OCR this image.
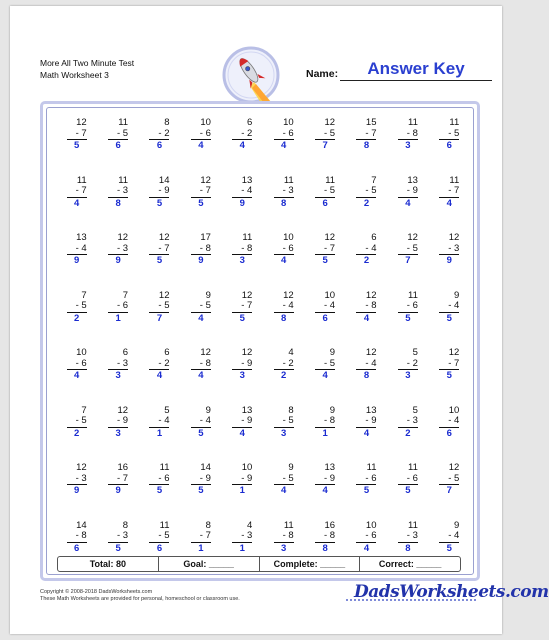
More All Two Minute Test
Math Worksheet 3	Name:	Answer Key
12
- 7
5
11
- 5
6
8
- 2
6
10
- 6
4
6
- 2
4
10
- 6
4
12
- 5
7
15
- 7
8
11
- 8
3
11
- 5
6
11
- 7
4
11
- 3
8
14
- 9
5
12
- 7
5
13
- 4
9
11
- 3
8
11
- 5
6
7
- 5
2
13
- 9
4
11
- 7
4
13
- 4
9
12
- 3
9
12
- 7
5
17
- 8
9
11
- 8
3
10
- 6
4
12
- 7
5
6
- 4
2
12
- 5
7
12
- 3
9
7
- 5
2
7
- 6
1
12
- 5
7
9
- 5
4
12
- 7
5
12
- 4
8
10
- 4
6
12
- 8
4
11
- 6
5
9
- 4
5
10
- 6
4
6
- 3
3
6
- 2
4
12
- 8
4
12
- 9
3
4
- 2
2
9
- 5
4
12
- 4
8
5
- 2
3
12
- 7
5
7
- 5
2
12
- 9
3
5
- 4
1
9
- 4
5
13
- 9
4
8
- 5
3
9
- 8
1
13
- 9
4
5
- 3
2
10
- 4
6
12
- 3
9
16
- 7
9
11
- 6
5
14
- 9
5
10
- 9
1
9
- 5
4
13
- 9
4
11
- 6
5
11
- 6
5
12
- 5
7
14
- 8
6
8
- 3
5
11
- 5
6
8
- 7
1
4
- 3
1
11
- 8
3
16
- 8
8
10
- 6
4
11
- 3
8
9
- 4
5
Total: 80	Goal: _____	Complete: _____	Correct: _____
Copyright © 2008-2018 DadsWorksheets.com
These Math Worksheets are provided for personal, homeschool or classroom use.	DadsWorksheets.com
